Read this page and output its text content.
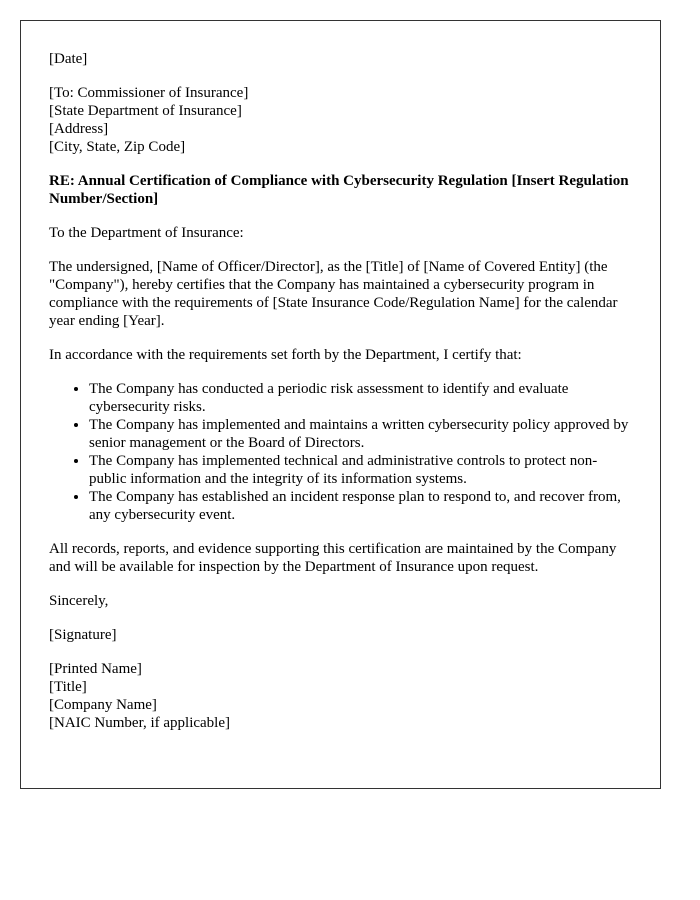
[Date]
[To: Commissioner of Insurance]
[State Department of Insurance]
[Address]
[City, State, Zip Code]

RE: Annual Certification of Compliance with Cybersecurity Regulation [Insert Regulation Number/Section]

To the Department of Insurance:

The undersigned, [Name of Officer/Director], as the [Title] of [Name of Covered Entity] (the "Company"), hereby certifies that the Company has maintained a cybersecurity program in compliance with the requirements of [State Insurance Code/Regulation Name] for the calendar year ending [Year].

In accordance with the requirements set forth by the Department, I certify that:

• The Company has conducted a periodic risk assessment to identify and evaluate cybersecurity risks.
• The Company has implemented and maintains a written cybersecurity policy approved by senior management or the Board of Directors.
• The Company has implemented technical and administrative controls to protect non-public information and the integrity of its information systems.
• The Company has established an incident response plan to respond to, and recover from, any cybersecurity event.

All records, reports, and evidence supporting this certification are maintained by the Company and will be available for inspection by the Department of Insurance upon request.

Sincerely,

[Signature]

[Printed Name]
[Title]
[Company Name]
[NAIC Number, if applicable]
